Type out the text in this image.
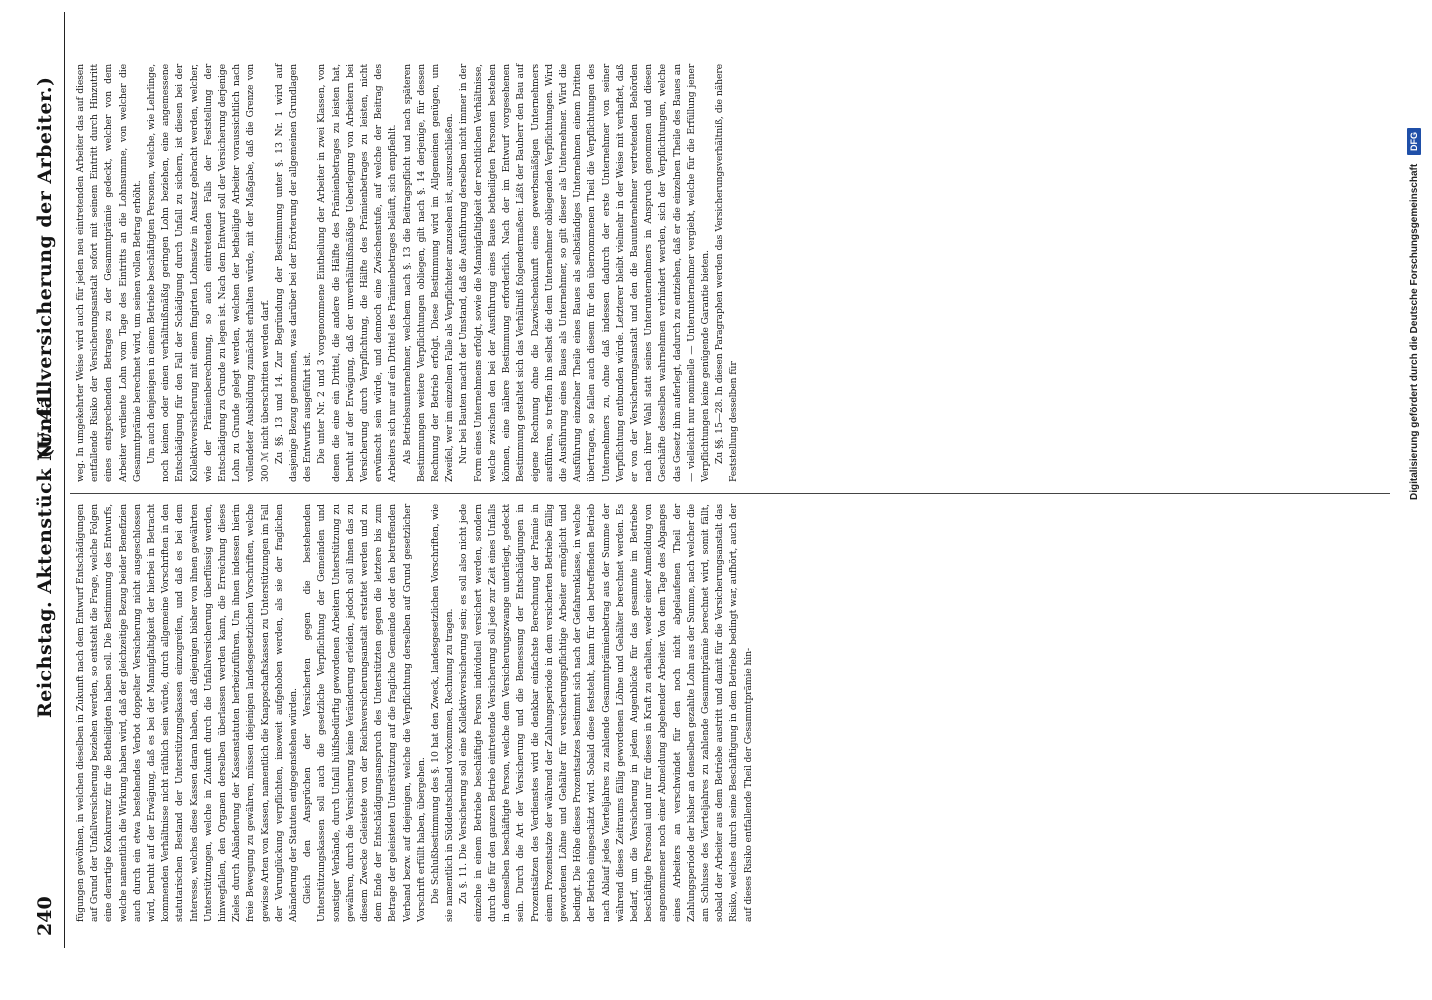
240
Reichstag. Aktenstück Nr. 41.
(Unfallversicherung der Arbeiter.)

fügungen gewöhnen, in welchen dieselben in Zukunft nach dem Entwurf Entschädigungen auf Grund der Unfallversicherung beziehen werden, so entsteht die Frage, welche Folgen eine derartige Konkurrenz für die Betheiligten haben soll. Die Bestimmung des Entwurfs, welche namentlich die Wirkung haben wird, daß der gleichzeitige Bezug beider Benefizien auch durch ein etwa bestehendes Verbot doppelter Versicherung nicht ausgeschlossen wird, beruht auf der Erwägung, daß es bei der Mannigfaltigkeit der hierbei in Betracht kommenden Verhältnisse nicht räthlich sein würde, durch allgemeine Vorschriften in den statutarischen Bestand der Unterstützungskassen einzugreifen, und daß es bei dem Interesse, welches diese Kassen daran haben, daß diejenigen bisher von ihnen gewährten Unterstützungen, welche in Zukunft durch die Unfallversicherung überflüssig werden, hinwegfallen, den Organen derselben überlassen werden kann, die Erreichung dieses Zieles durch Abänderung der Kassenstatuten herbeizuführen. Um ihnen indessen hierin freie Bewegung zu gewähren, müssen diejenigen landesgesetzlichen Vorschriften, welche gewisse Arten von Kassen, namentlich die Knappschaftskassen zu Unterstützungen im Fall der Verunglückung verpflichten, insoweit aufgehoben werden, als sie der fraglichen Abänderung der Statuten entgegenstehen würden. Gleich den Ansprüchen der Versicherten gegen die bestehenden Unterstützungskassen soll auch die gesetzliche Verpflichtung der Gemeinden und sonstiger Verbände, durch Unfall hülfsbedürftig gewordenen Arbeitern Unterstützung zu gewähren, durch die Versicherung keine Veränderung erleiden, jedoch soll ihnen das zu diesem Zwecke Geleistete von der Reichsversicherungsanstalt erstattet werden und zu dem Ende der Entschädigungsanspruch des Unterstützten gegen die letztere bis zum Betrage der geleisteten Unterstützung auf die fragliche Gemeinde oder den betreffenden Verband bezw. auf diejenigen, welche die Verpflichtung derselben auf Grund gesetzlicher Vorschrift erfüllt haben, übergehen. Die Schlußbestimmung des §. 10 hat den Zweck, landesgesetzlichen Vorschriften, wie sie namentlich in Süddeutschland vorkommen, Rechnung zu tragen. Zu §. 11. Die Versicherung soll eine Kollektivversicherung sein; es soll also nicht jede einzelne in einem Betriebe beschäftigte Person individuell versichert werden, sondern durch die für den ganzen Betrieb eintretende Versicherung soll jede zur Zeit eines Unfalls in demselben beschäftigte Person, welche dem Versicherungszwange unterliegt, gedeckt sein. Durch die Art der Versicherung und die Bemessung der Entschädigungen in Prozentsätzen des Verdienstes wird die denkbar einfachste Berechnung der Prämie in einem Prozentsatze der während der Zahlungsperiode in dem versicherten Betriebe fällig gewordenen Löhne und Gehälter für versicherungspflichtige Arbeiter ermöglicht und bedingt. Die Höhe dieses Prozentsatzes bestimmt sich nach der Gefahrenklasse, in welche der Betrieb eingeschätzt wird. Sobald diese feststeht, kann für den betreffenden Betrieb nach Ablauf jedes Vierteljahres zu zahlende Gesammtprämienbetrag aus der Summe der während dieses Zeitraums fällig gewordenen Löhne und Gehälter berechnet werden. Es bedarf, um die Versicherung in jedem Augenblicke für das gesammte im Betriebe beschäftigte Personal und nur für dieses in Kraft zu erhalten, weder einer Anmeldung von angenommener noch einer Abmeldung abgehender Arbeiter. Von dem Tage des Abganges eines Arbeiters an verschwindet für den noch nicht abgelaufenen Theil der Zahlungsperiode der bisher an denselben gezahlte Lohn aus der Summe, nach welcher die am Schlusse des Vierteljahres zu zahlende Gesammtprämie berechnet wird, somit fällt, sobald der Arbeiter aus dem Betriebe austritt und damit für die Versicherungsanstalt das Risiko, welches durch seine Beschäftigung in dem Betriebe bedingt war, aufhört, auch der auf dieses Risiko entfallende Theil der Gesammtprämie hin-

weg. In umgekehrter Weise wird auch für jeden neu eintretenden Arbeiter das auf diesen entfallende Risiko der Versicherungsanstalt sofort mit seinem Eintritt durch Hinzutritt eines entsprechenden Betrages zu der Gesammtprämie gedeckt, welcher von dem Arbeiter verdiente Lohn vom Tage des Eintritts an die Lohnsumme, von welcher die Gesammtprämie berechnet wird, um seinen vollen Betrag erhöht. Um auch denjenigen in einem Betriebe beschäftigten Personen, welche, wie Lehrlinge, noch keinen oder einen verhältnißmäßig geringen Lohn beziehen, eine angemessene Entschädigung für den Fall der Schädigung durch Unfall zu sichern, ist diesen bei der Kollektivversicherung mit einem fingirten Lohnsatze in Ansatz gebracht werden, welcher, wie der Prämienberechnung, so auch eintretenden Falls der Feststellung der Entschädigung zu Grunde zu legen ist. Nach dem Entwurf soll der Versicherung derjenige Lohn zu Grunde gelegt werden, welchen der betheiligte Arbeiter voraussichtlich nach vollendeter Ausbildung zunächst erhalten würde, mit der Maßgabe, daß die Grenze von 300 ℳ nicht überschritten werden darf. Zu §§. 13 und 14. Zur Begründung der Bestimmung unter §. 13 Nr. 1 wird auf dasjenige Bezug genommen, was darüber bei der Erörterung der allgemeinen Grundlagen des Entwurfs ausgeführt ist. Die unter Nr. 2 und 3 vorgenommene Eintheilung der Arbeiter in zwei Klassen, von denen die eine ein Drittel, die andere die Hälfte des Prämienbetrages zu leisten hat, beruht auf der Erwägung, daß der unverhältnißmäßige Ueberlegung von Arbeitern bei Versicherung durch Verpflichtung, die Hälfte des Prämienbetrages zu leisten, nicht erwünscht sein würde, und dennoch eine Zwischenstufe, auf welche der Beitrag des Arbeiters sich nur auf ein Drittel des Prämienbetrages beläuft, sich empfiehlt. Als Betriebsunternehmer, welchem nach §. 13 die Beitragspflicht und nach späteren Bestimmungen weitere Verpflichtungen obliegen, gilt nach §. 14 derjenige, für dessen Rechnung der Betrieb erfolgt. Diese Bestimmung wird im Allgemeinen genügen, um Zweifel, wer im einzelnen Falle als Verpflichteter anzusehen ist, auszuschließen. Nur bei Bauten macht der Umstand, daß die Ausführung derselben nicht immer in der Form eines Unternehmens erfolgt, sowie die Mannigfaltigkeit der rechtlichen Verhältnisse, welche zwischen den bei der Ausführung eines Baues betheiligten Personen bestehen können, eine nähere Bestimmung erforderlich. Nach der im Entwurf vorgesehenen Bestimmung gestaltet sich das Verhältniß folgendermaßen: Läßt der Bauherr den Bau auf eigene Rechnung ohne die Dazwischenkunft eines gewerbsmäßigen Unternehmers ausführen, so treffen ihn selbst die dem Unternehmer obliegenden Verpflichtungen. Wird die Ausführung eines Baues als Unternehmer, so gilt dieser als Unternehmer. Wird die Ausführung einzelner Theile eines Baues als selbständiges Unternehmen einem Dritten übertragen, so fallen auch diesem für den übernommenen Theil die Verpflichtungen des Unternehmers zu, ohne daß indessen dadurch der erste Unternehmer von seiner Verpflichtung entbunden würde. Letzterer bleibt vielmehr in der Weise mit verhaftet, daß er von der Versicherungsanstalt und den die Bauunternehmer vertretenden Behörden nach ihrer Wahl statt seines Unterunternehmers in Anspruch genommen und diesen Geschäfte desselben wahrnehmen verhindert werden, sich der Verpflichtungen, welche das Gesetz ihm auferlegt, dadurch zu entziehen, daß er die einzelnen Theile des Baues an — vielleicht nur nominelle — Unterunternehmer vergiebt, welche für die Erfüllung jener Verpflichtungen keine genügende Garantie bieten. Zu §§. 15—28. In diesen Paragraphen werden das Versicherungsverhältniß, die nähere Feststellung desselben für	Digitalisierung gefördert durch die Deutsche Forschungsgemeinschaft DFG
